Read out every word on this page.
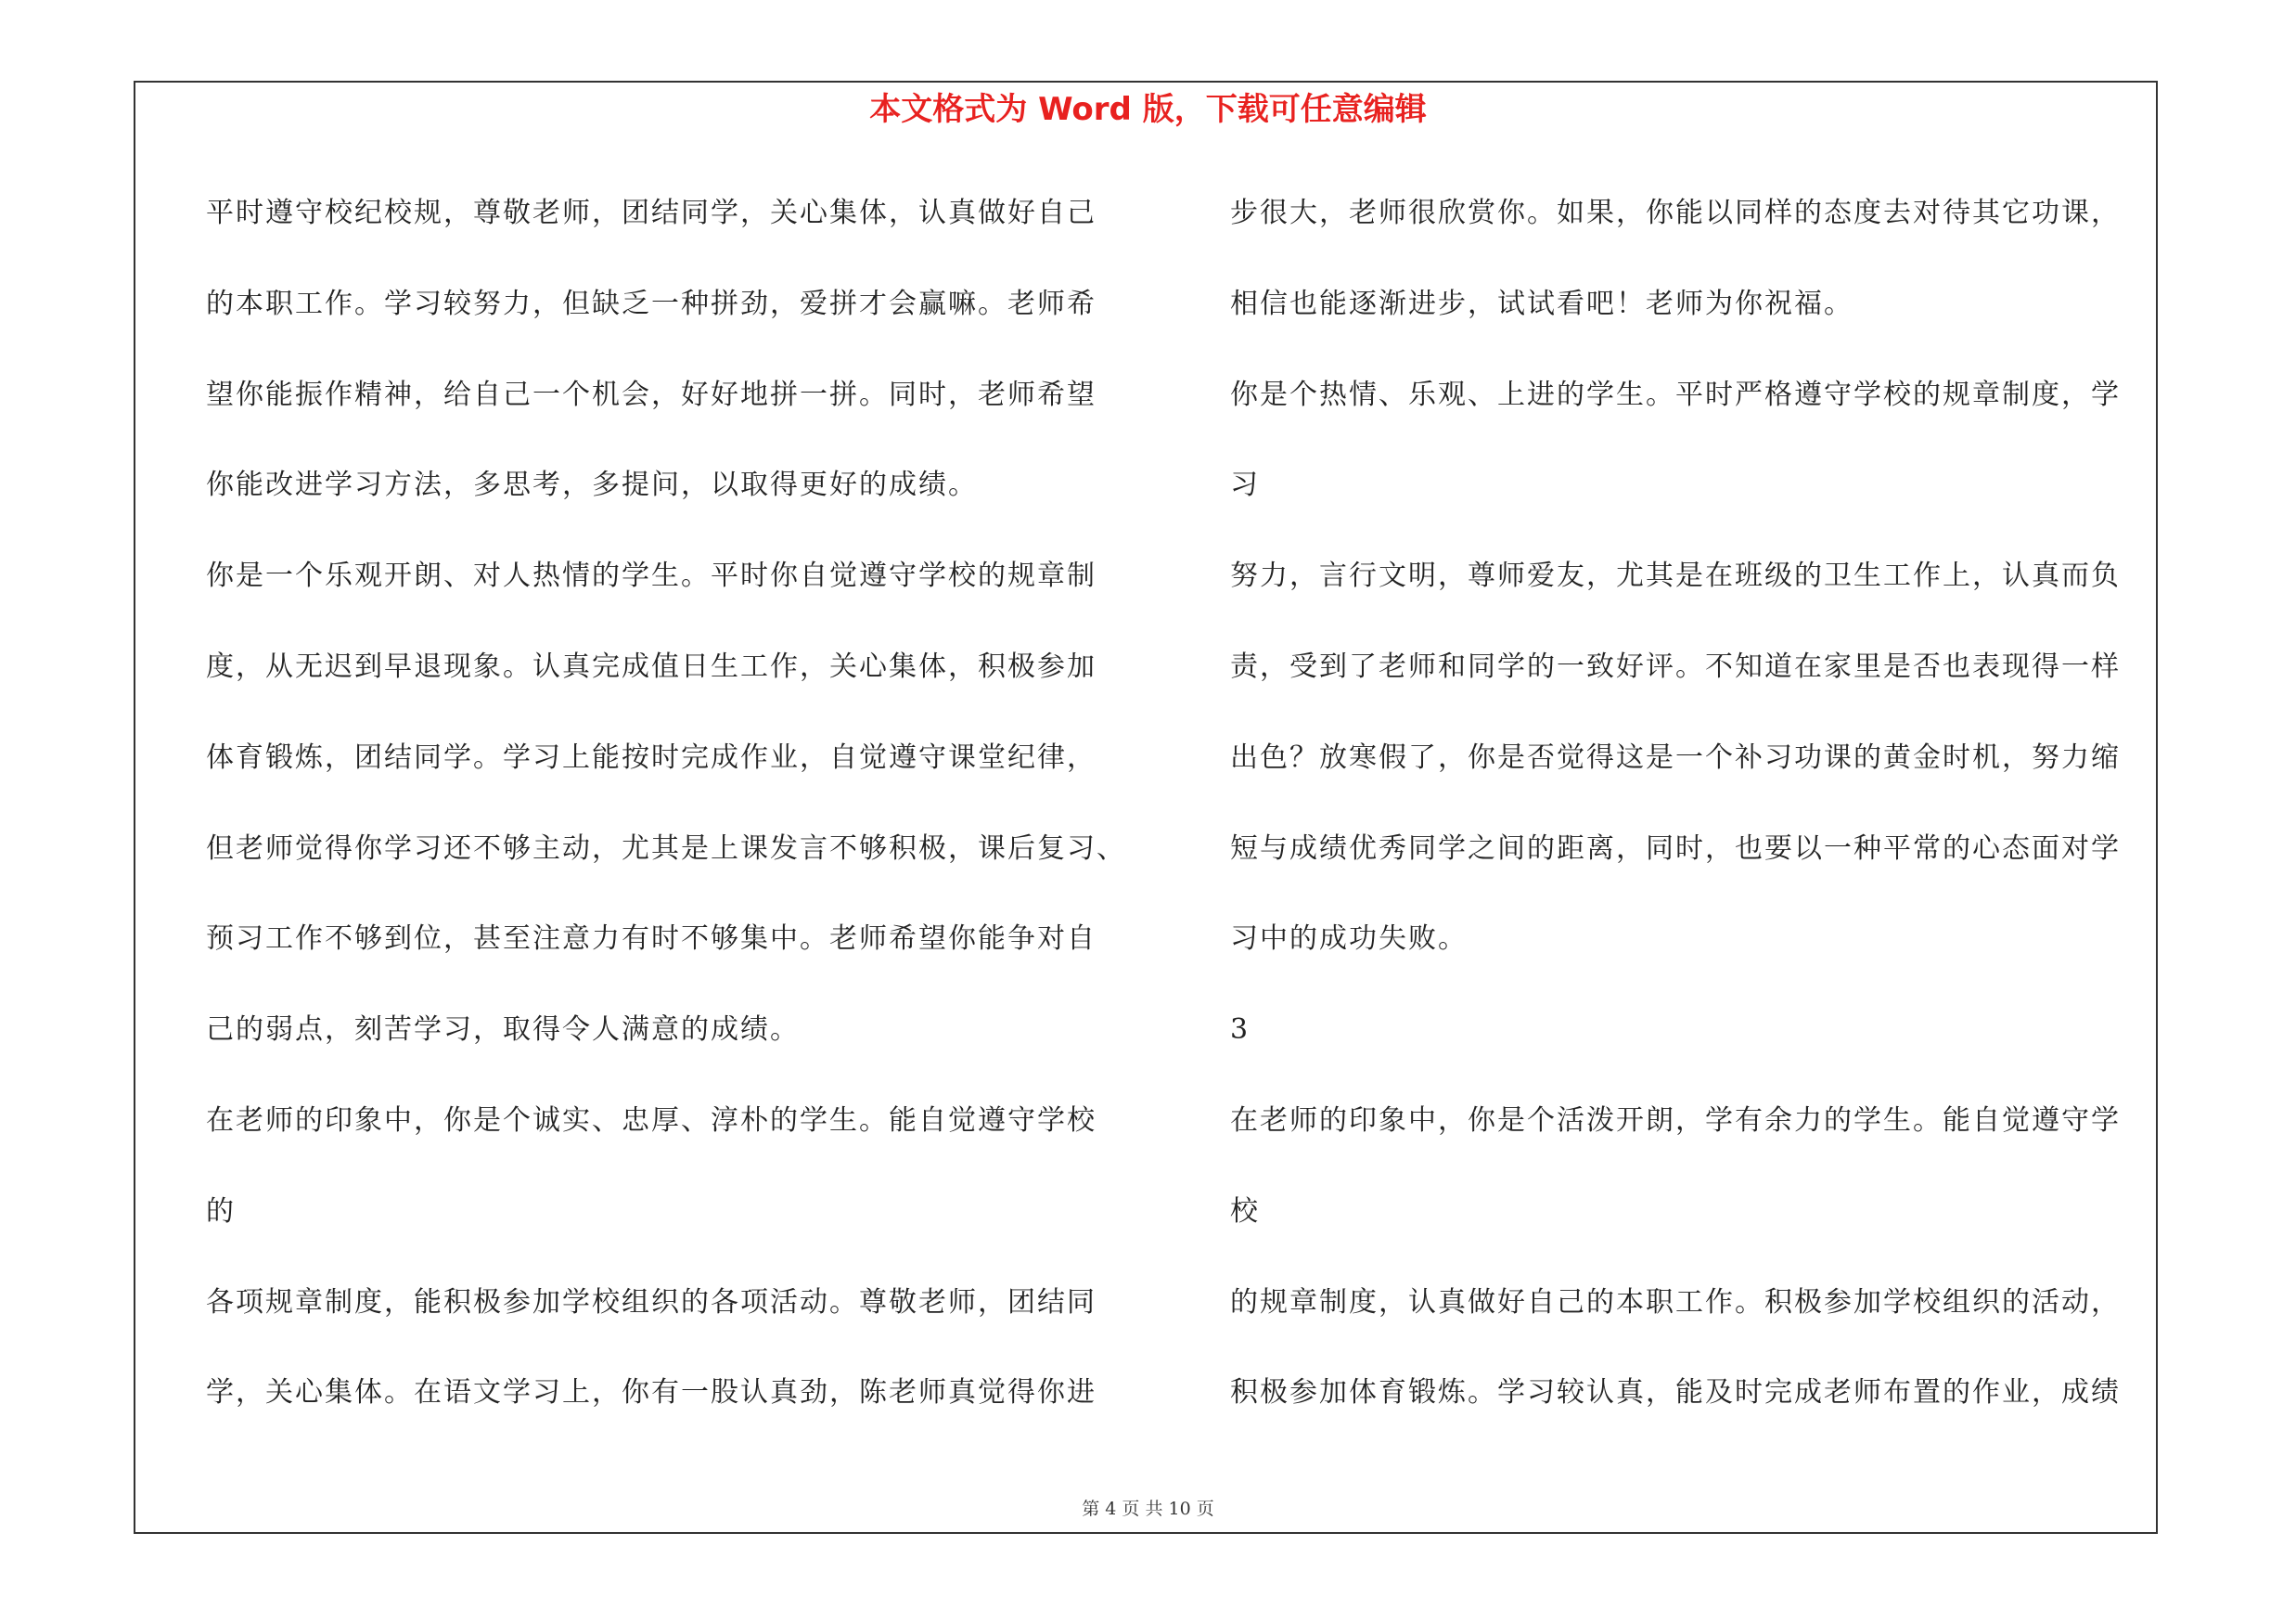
本文格式为 Word 版，下载可任意编辑
平时遵守校纪校规，尊敬老师，团结同学，关心集体，认真做好自己
的本职工作。学习较努力，但缺乏一种拼劲，爱拼才会赢嘛。老师希
望你能振作精神，给自己一个机会，好好地拼一拼。同时，老师希望
你能改进学习方法，多思考，多提问，以取得更好的成绩。
你是一个乐观开朗、对人热情的学生。平时你自觉遵守学校的规章制
度，从无迟到早退现象。认真完成值日生工作，关心集体，积极参加
体育锻炼，团结同学。学习上能按时完成作业，自觉遵守课堂纪律，
但老师觉得你学习还不够主动，尤其是上课发言不够积极，课后复习、
预习工作不够到位，甚至注意力有时不够集中。老师希望你能争对自
己的弱点，刻苦学习，取得令人满意的成绩。
在老师的印象中，你是个诚实、忠厚、淳朴的学生。能自觉遵守学校
的
各项规章制度，能积极参加学校组织的各项活动。尊敬老师，团结同
学，关心集体。在语文学习上，你有一股认真劲，陈老师真觉得你进
步很大，老师很欣赏你。如果，你能以同样的态度去对待其它功课，
相信也能逐渐进步，试试看吧！老师为你祝福。
你是个热情、乐观、上进的学生。平时严格遵守学校的规章制度，学
习
努力，言行文明，尊师爱友，尤其是在班级的卫生工作上，认真而负
责，受到了老师和同学的一致好评。不知道在家里是否也表现得一样
出色？放寒假了，你是否觉得这是一个补习功课的黄金时机，努力缩
短与成绩优秀同学之间的距离，同时，也要以一种平常的心态面对学
习中的成功失败。
3
在老师的印象中，你是个活泼开朗，学有余力的学生。能自觉遵守学
校
的规章制度，认真做好自己的本职工作。积极参加学校组织的活动，
积极参加体育锻炼。学习较认真，能及时完成老师布置的作业，成绩
第 4 页 共 10 页
